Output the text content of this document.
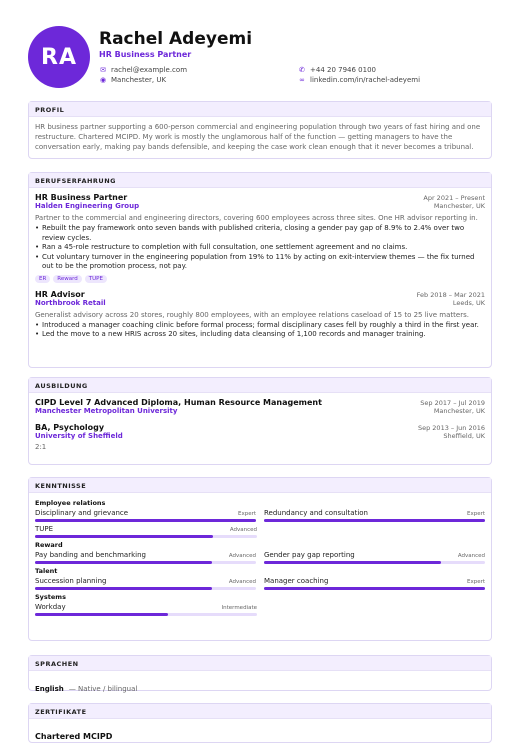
RA
Rachel Adeyemi
HR Business Partner
✉ rachel@example.com
◉ Manchester, UK
✆ +44 20 7946 0100
∞ linkedin.com/in/rachel-adeyemi
PROFIL
HR business partner supporting a 600-person commercial and engineering population through two years of fast hiring and one restructure. Chartered MCIPD. My work is mostly the unglamorous half of the function — getting managers to have the conversation early, making pay bands defensible, and keeping the case work clean enough that it never becomes a tribunal.
BERUFSERFAHRUNG
HR Business Partner	Apr 2021 – Present
Halden Engineering Group	Manchester, UK
Partner to the commercial and engineering directors, covering 600 employees across three sites. One HR advisor reporting in.
• Rebuilt the pay framework onto seven bands with published criteria, closing a gender pay gap of 8.9% to 2.4% over two review cycles.
• Ran a 45-role restructure to completion with full consultation, one settlement agreement and no claims.
• Cut voluntary turnover in the engineering population from 19% to 11% by acting on exit-interview themes — the fix turned out to be the promotion process, not pay.
ER	Reward	TUPE
HR Advisor	Feb 2018 – Mar 2021
Northbrook Retail	Leeds, UK
Generalist advisory across 20 stores, roughly 800 employees, with an employee relations caseload of 15 to 25 live matters.
• Introduced a manager coaching clinic before formal process; formal disciplinary cases fell by roughly a third in the first year.
• Led the move to a new HRIS across 20 sites, including data cleansing of 1,100 records and manager training.
AUSBILDUNG
CIPD Level 7 Advanced Diploma, Human Resource Management	Sep 2017 – Jul 2019
Manchester Metropolitan University	Manchester, UK
BA, Psychology	Sep 2013 – Jun 2016
University of Sheffield	Sheffield, UK
2:1
KENNTNISSE
Employee relations
Disciplinary and grievance	Expert Redundancy and consultation	Expert
TUPE	Advanced
Reward
Pay banding and benchmarking	Advanced Gender pay gap reporting	Advanced
Talent
Succession planning	Advanced Manager coaching	Expert
Systems
Workday	Intermediate
SPRACHEN
English — Native / bilingual
ZERTIFIKATE
Chartered MCIPD
